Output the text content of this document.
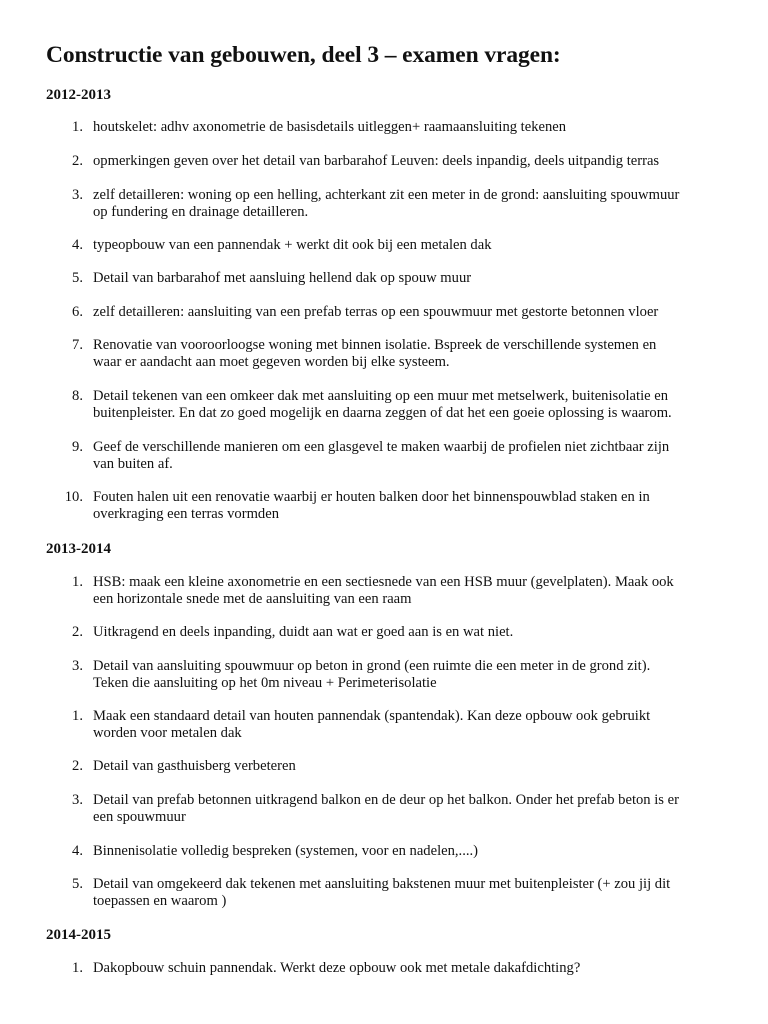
Constructie van gebouwen, deel 3 – examen vragen:
2012-2013
1. houtskelet: adhv axonometrie de basisdetails uitleggen+ raamaansluiting tekenen
2. opmerkingen geven over het detail van barbarahof Leuven: deels inpandig, deels uitpandig terras
3. zelf detailleren: woning op een helling, achterkant zit een meter in de grond: aansluiting spouwmuur
op fundering en drainage detailleren.
4. typeopbouw van een pannendak + werkt dit ook bij een metalen dak
5. Detail van barbarahof met aansluing hellend dak op spouw muur
6. zelf detailleren: aansluiting van een prefab terras op een spouwmuur met gestorte betonnen vloer
7. Renovatie van vooroorloogse woning met binnen isolatie. Bspreek de verschillende systemen en
waar er aandacht aan moet gegeven worden bij elke systeem.
8. Detail tekenen van een omkeer dak met aansluiting op een muur met metselwerk, buitenisolatie en
buitenpleister. En dat zo goed mogelijk en daarna zeggen of dat het een goeie oplossing is waarom.
9. Geef de verschillende manieren om een glasgevel te maken waarbij de profielen niet zichtbaar zijn
van buiten af.
10. Fouten halen uit een renovatie waarbij er houten balken door het binnenspouwblad staken en in
overkraging een terras vormden
2013-2014
1. HSB: maak een kleine axonometrie en een sectiesnede van een HSB muur (gevelplaten). Maak ook
een horizontale snede met de aansluiting van een raam
2. Uitkragend en deels inpanding, duidt aan wat er goed aan is en wat niet.
3. Detail van aansluiting spouwmuur op beton in grond (een ruimte die een meter in de grond zit).
Teken die aansluiting op het 0m niveau + Perimeterisolatie
1. Maak een standaard detail van houten pannendak (spantendak). Kan deze opbouw ook gebruikt
worden voor metalen dak
2. Detail van gasthuisberg verbeteren
3. Detail van prefab betonnen uitkragend balkon en de deur op het balkon. Onder het prefab beton is er
een spouwmuur
4. Binnenisolatie volledig bespreken (systemen, voor en nadelen,....)
5. Detail van omgekeerd dak tekenen met aansluiting bakstenen muur met buitenpleister (+ zou jij dit
toepassen en waarom )
2014-2015
1. Dakopbouw schuin pannendak. Werkt deze opbouw ook met metale dakafdichting?
